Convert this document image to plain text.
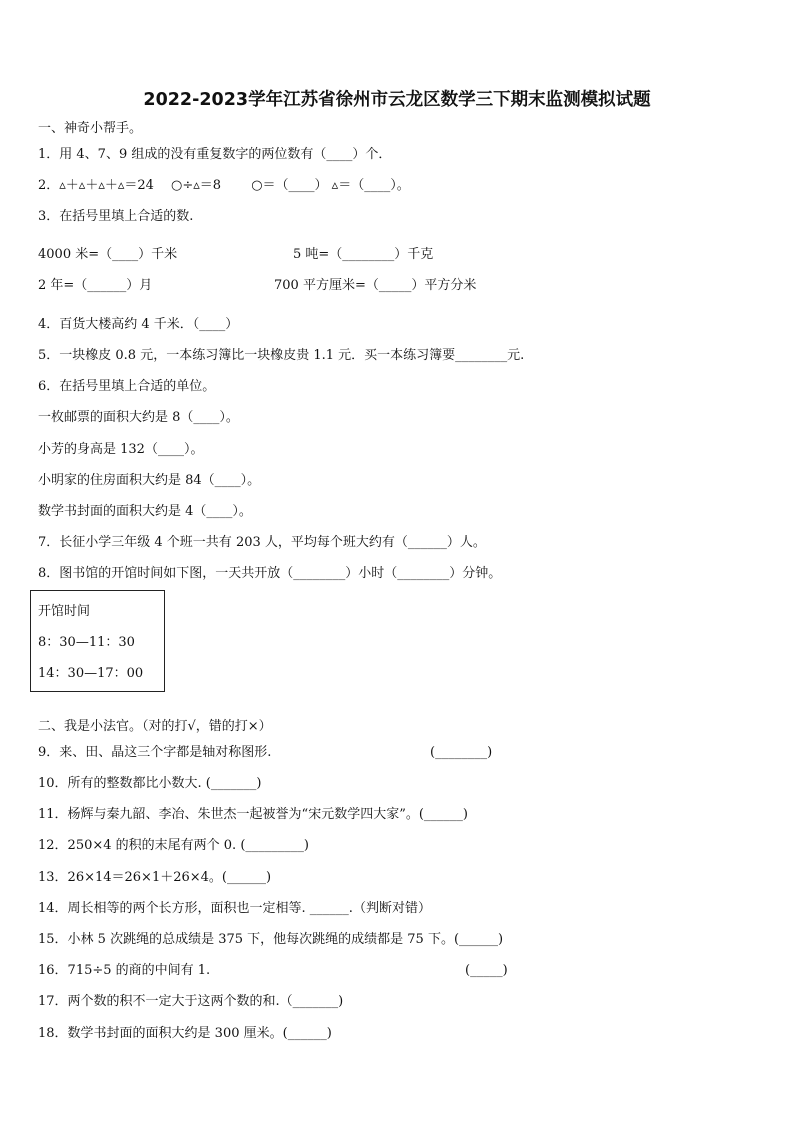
2022-2023学年江苏省徐州市云龙区数学三下期末监测模拟试题
一、神奇小帮手。
1．用 4、7、9 组成的没有重复数字的两位数有（____）个．
2．▵＋▵＋▵＋▵＝24　 ○÷▵＝8　　 ○＝（____） ▵＝（____）。
3．在括号里填上合适的数.
4000 米=（____）千米	5 吨=（________）千克
2 年=（______）月	700 平方厘米=（_____）平方分米
4．百货大楼高约 4 千米．（____）
5．一块橡皮 0.8 元，一本练习簿比一块橡皮贵 1.1 元．买一本练习簿要________元.
6．在括号里填上合适的单位。
一枚邮票的面积大约是 8（____）。
小芳的身高是 132（____）。
小明家的住房面积大约是 84（____）。
数学书封面的面积大约是 4（____）。
7．长征小学三年级 4 个班一共有 203 人，平均每个班大约有（______）人。
8．图书馆的开馆时间如下图，一天共开放（________）小时（________）分钟。
开馆时间
8：30—11：30
14：30—17：00
二、我是小法官。（对的打√，错的打×）
9．来、田、晶这三个字都是轴对称图形.	(________)
10．所有的整数都比小数大. (_______)
11．杨辉与秦九韶、李冶、朱世杰一起被誉为“宋元数学四大家”。(______)
12．250×4 的积的末尾有两个 0. (_________)
13．26×14＝26×1＋26×4。(______)
14．周长相等的两个长方形，面积也一定相等. ______.（判断对错）
15．小林 5 次跳绳的总成绩是 375 下，他每次跳绳的成绩都是 75 下。(______)
16．715÷5 的商的中间有 1.	(_____)
17．两个数的积不一定大于这两个数的和.（_______)
18．数学书封面的面积大约是 300 厘米。(______)
